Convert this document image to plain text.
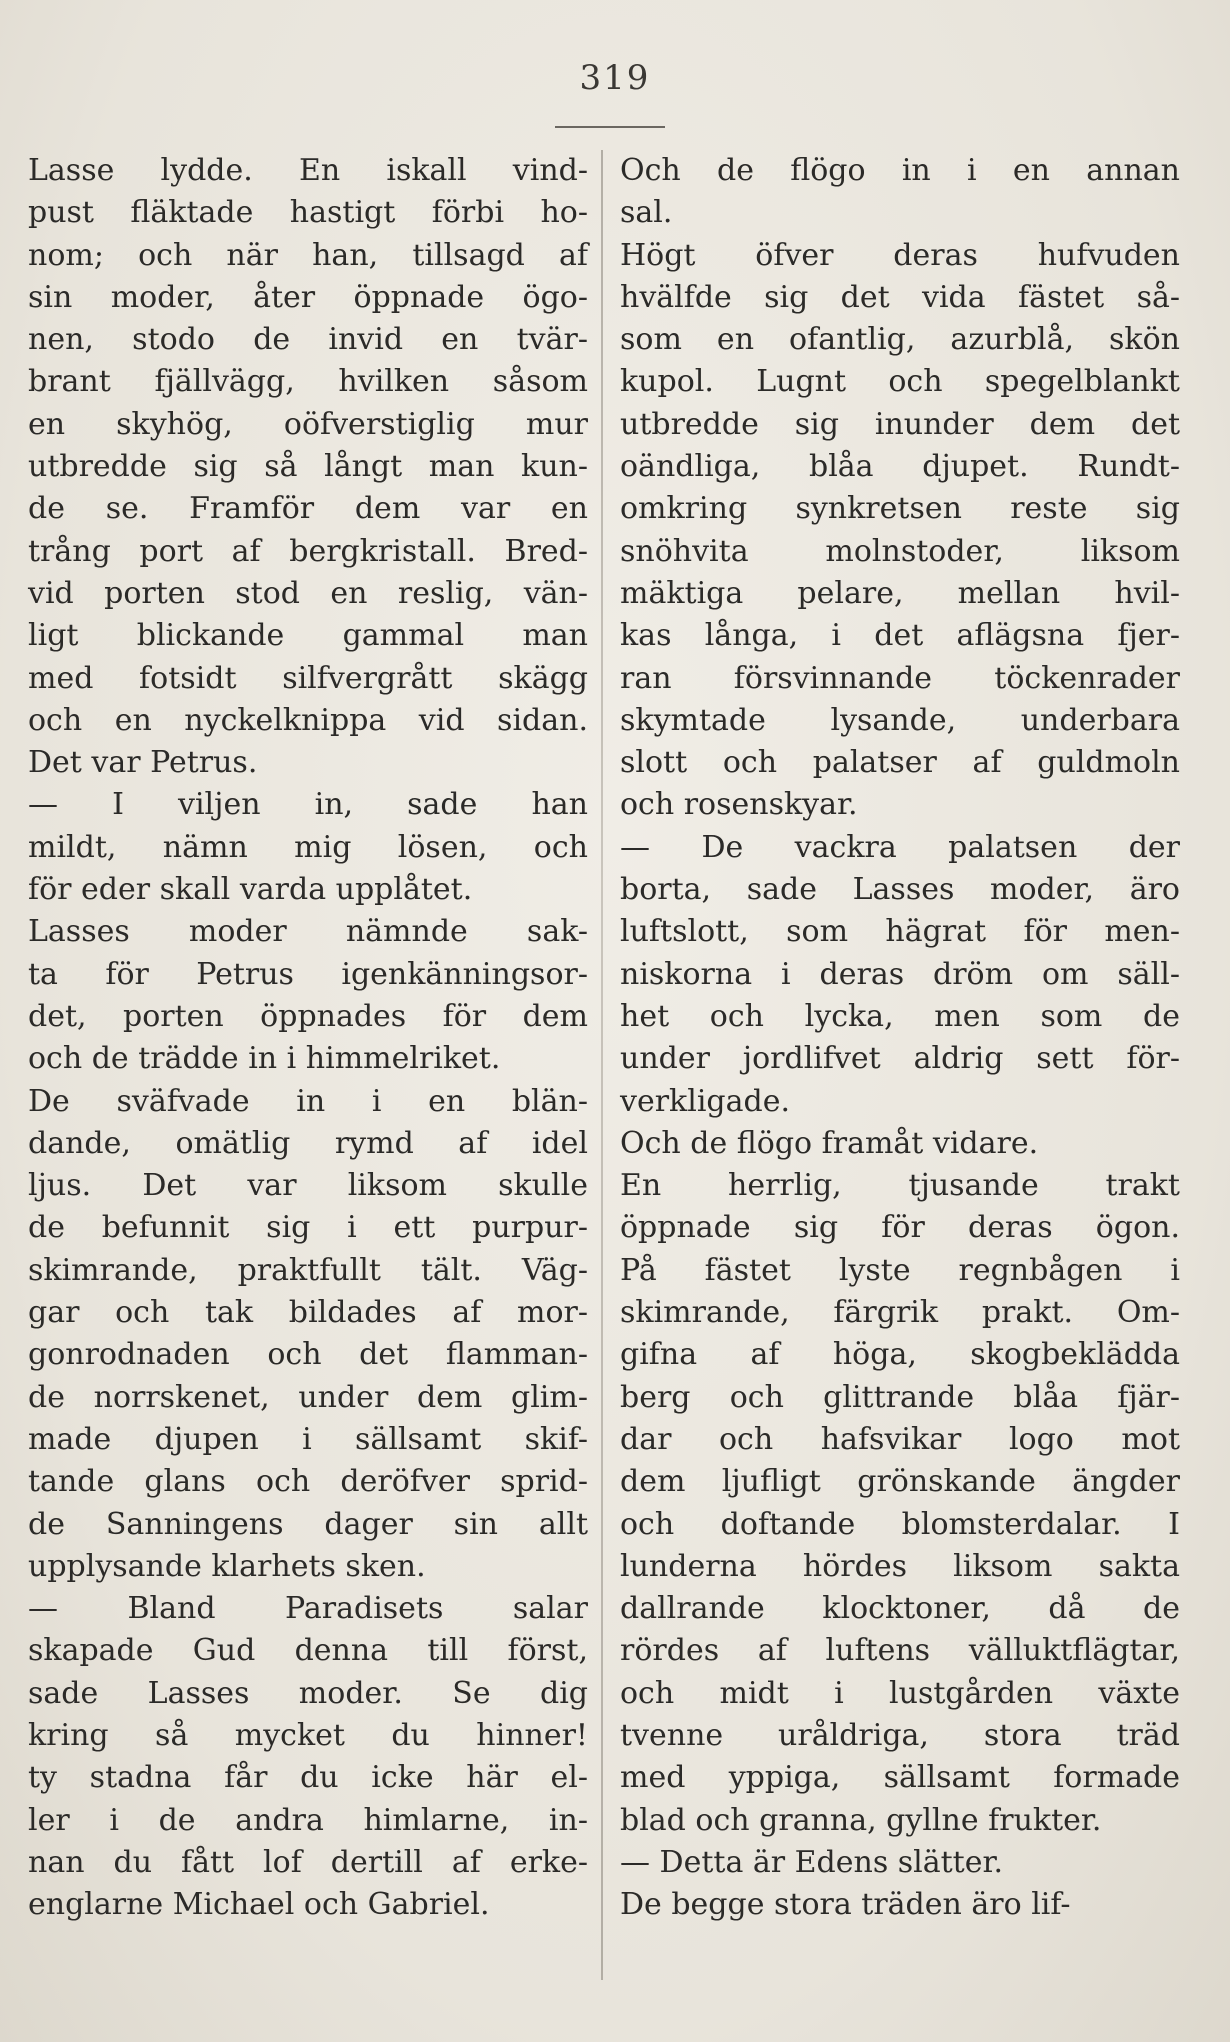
319
Lasse lydde. En iskall vind-
pust fläktade hastigt förbi ho-
nom; och när han, tillsagd af
sin moder, åter öppnade ögo-
nen, stodo de invid en tvär-
brant fjällvägg, hvilken såsom
en skyhög, oöfverstiglig mur
utbredde sig så långt man kun-
de se. Framför dem var en
trång port af bergkristall. Bred-
vid porten stod en reslig, vän-
ligt blickande gammal man
med fotsidt silfvergrått skägg
och en nyckelknippa vid sidan.
Det var Petrus.
— I viljen in, sade han
mildt, nämn mig lösen, och
för eder skall varda upplåtet.
Lasses moder nämnde sak-
ta för Petrus igenkänningsor-
det, porten öppnades för dem
och de trädde in i himmelriket.
De sväfvade in i en blän-
dande, omätlig rymd af idel
ljus. Det var liksom skulle
de befunnit sig i ett purpur-
skimrande, praktfullt tält. Väg-
gar och tak bildades af mor-
gonrodnaden och det flamman-
de norrskenet, under dem glim-
made djupen i sällsamt skif-
tande glans och deröfver sprid-
de Sanningens dager sin allt
upplysande klarhets sken.
— Bland Paradisets salar
skapade Gud denna till först,
sade Lasses moder. Se dig
kring så mycket du hinner!
ty stadna får du icke här el-
ler i de andra himlarne, in-
nan du fått lof dertill af erke-
englarne Michael och Gabriel.
Och de flögo in i en annan
sal.
Högt öfver deras hufvuden
hvälfde sig det vida fästet så-
som en ofantlig, azurblå, skön
kupol. Lugnt och spegelblankt
utbredde sig inunder dem det
oändliga, blåa djupet. Rundt-
omkring synkretsen reste sig
snöhvita molnstoder, liksom
mäktiga pelare, mellan hvil-
kas långa, i det aflägsna fjer-
ran försvinnande töckenrader
skymtade lysande, underbara
slott och palatser af guldmoln
och rosenskyar.
— De vackra palatsen der
borta, sade Lasses moder, äro
luftslott, som hägrat för men-
niskorna i deras dröm om säll-
het och lycka, men som de
under jordlifvet aldrig sett för-
verkligade.
Och de flögo framåt vidare.
En herrlig, tjusande trakt
öppnade sig för deras ögon.
På fästet lyste regnbågen i
skimrande, färgrik prakt. Om-
gifna af höga, skogbeklädda
berg och glittrande blåa fjär-
dar och hafsvikar logo mot
dem ljufligt grönskande ängder
och doftande blomsterdalar. I
lunderna hördes liksom sakta
dallrande klocktoner, då de
rördes af luftens välluktflägtar,
och midt i lustgården växte
tvenne uråldriga, stora träd
med yppiga, sällsamt formade
blad och granna, gyllne frukter.
— Detta är Edens slätter.
De begge stora träden äro lif-
